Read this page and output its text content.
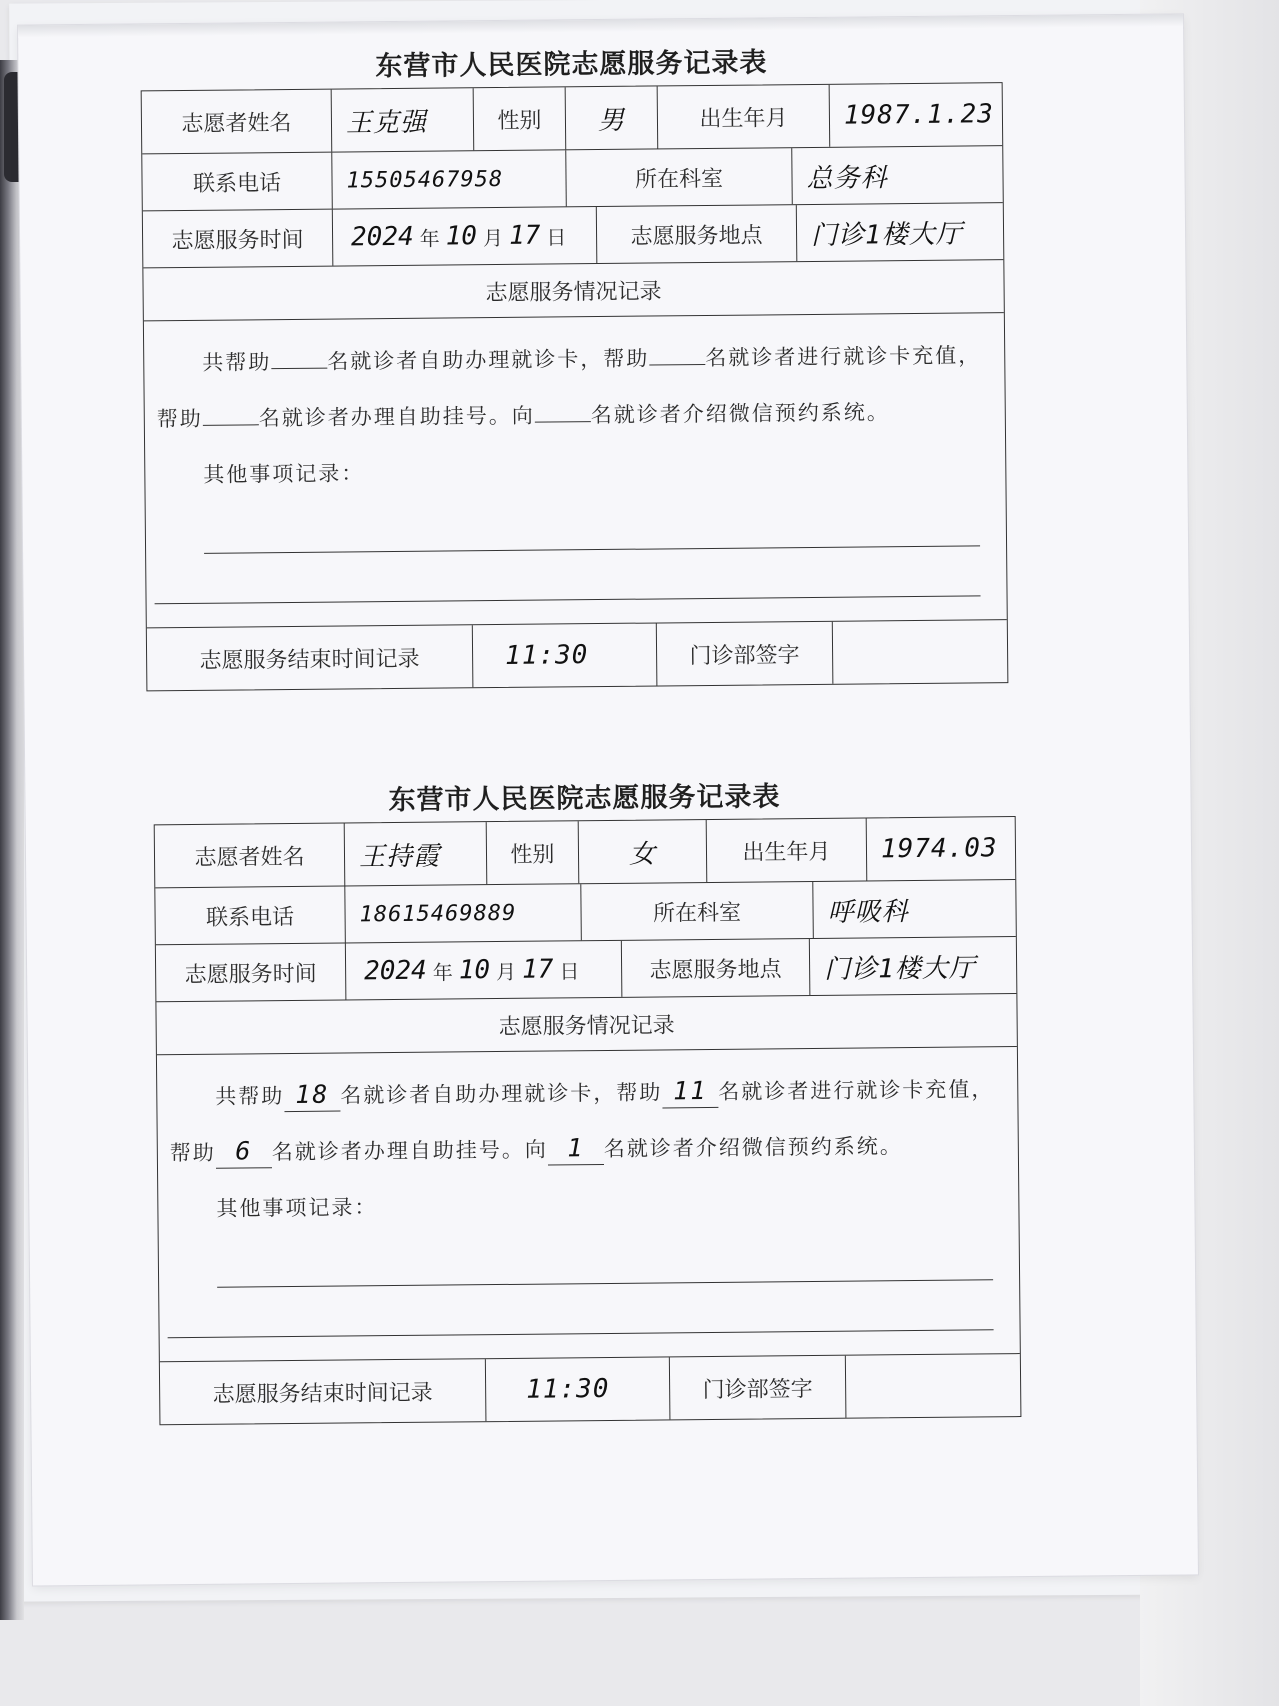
东营市人民医院志愿服务记录表
志愿者姓名	王克强	性别	男	出生年月	1987.1.23
联系电话	15505467958	所在科室	总务科
志愿服务时间	2024 年 10 月 17 日	志愿服务地点	门诊1楼大厅
志愿服务情况记录
共帮助	名就诊者自助办理就诊卡，帮助	名就诊者进行就诊卡充值，帮助	名就诊者办理自助挂号。向	名就诊者介绍微信预约系统。
其他事项记录：
志愿服务结束时间记录	11:30	门诊部签字
东营市人民医院志愿服务记录表
志愿者姓名	王持霞	性别	女	出生年月	1974.03
联系电话	18615469889	所在科室	呼吸科
志愿服务时间	2024 年 10 月 17 日	志愿服务地点	门诊1楼大厅
志愿服务情况记录
共帮助 18 名就诊者自助办理就诊卡，帮助 11 名就诊者进行就诊卡充值，帮助 6 名就诊者办理自助挂号。向 1 名就诊者介绍微信预约系统。
其他事项记录：
志愿服务结束时间记录	11:30	门诊部签字
